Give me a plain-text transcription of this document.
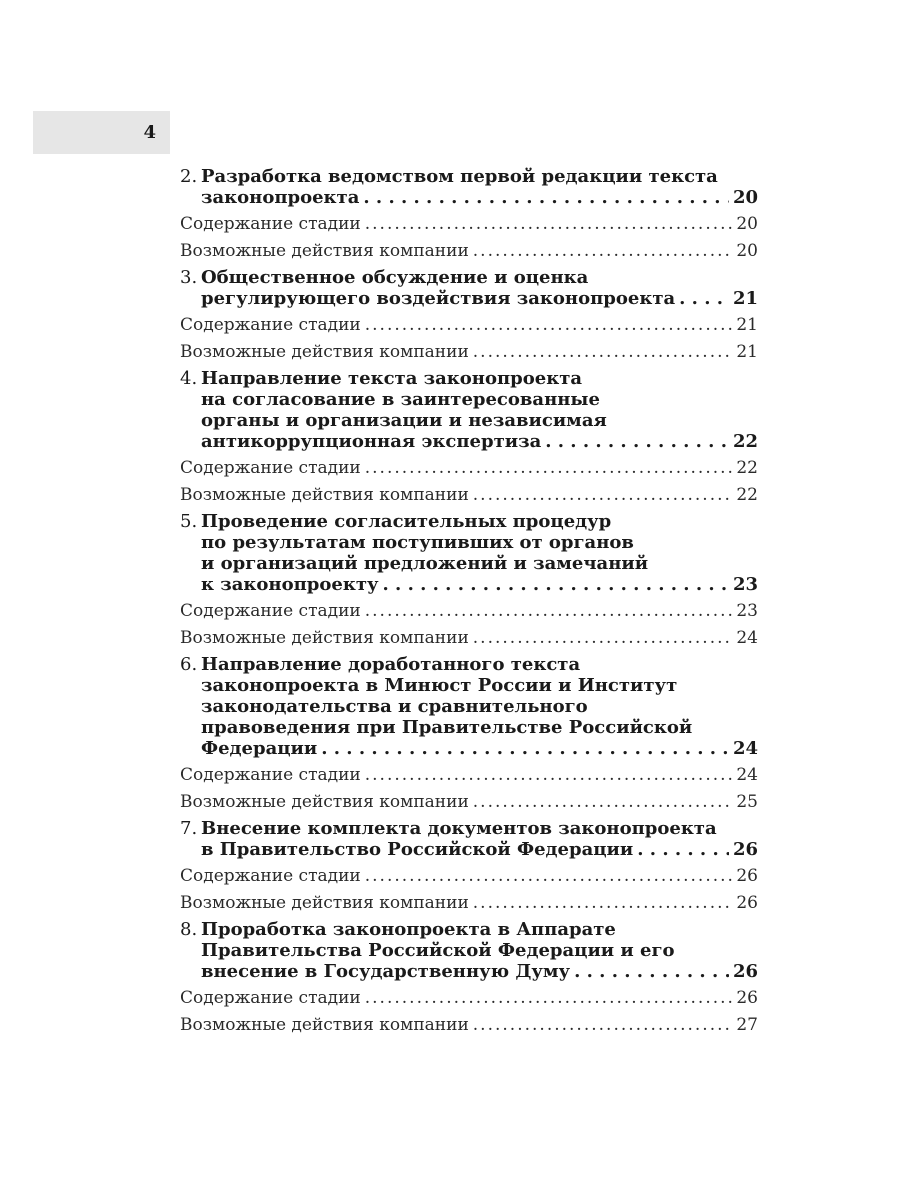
4
2. Разработка ведомством первой редакции текста
законопроекта . . .	20
Содержание стадии .....	20
Возможные действия компании .....	20
3. Общественное обсуждение и оценка
регулирующего воздействия законопроекта . . .	21
Содержание стадии .....	21
Возможные действия компании .....	21
4. Направление текста законопроекта
на согласование в заинтересованные
органы и организации и независимая
антикоррупционная экспертиза . . .	22
Содержание стадии .....	22
Возможные действия компании .....	22
5. Проведение согласительных процедур
по результатам поступивших от органов
и организаций предложений и замечаний
к законопроекту . . .	23
Содержание стадии .....	23
Возможные действия компании .....	24
6. Направление доработанного текста
законопроекта в Минюст России и Институт
законодательства и сравнительного
правоведения при Правительстве Российской
Федерации . . .	24
Содержание стадии .....	24
Возможные действия компании .....	25
7. Внесение комплекта документов законопроекта
в Правительство Российской Федерации . . .	26
Содержание стадии .....	26
Возможные действия компании .....	26
8. Проработка законопроекта в Аппарате
Правительства Российской Федерации и его
внесение в Государственную Думу . . .	26
Содержание стадии .....	26
Возможные действия компании .....	27
